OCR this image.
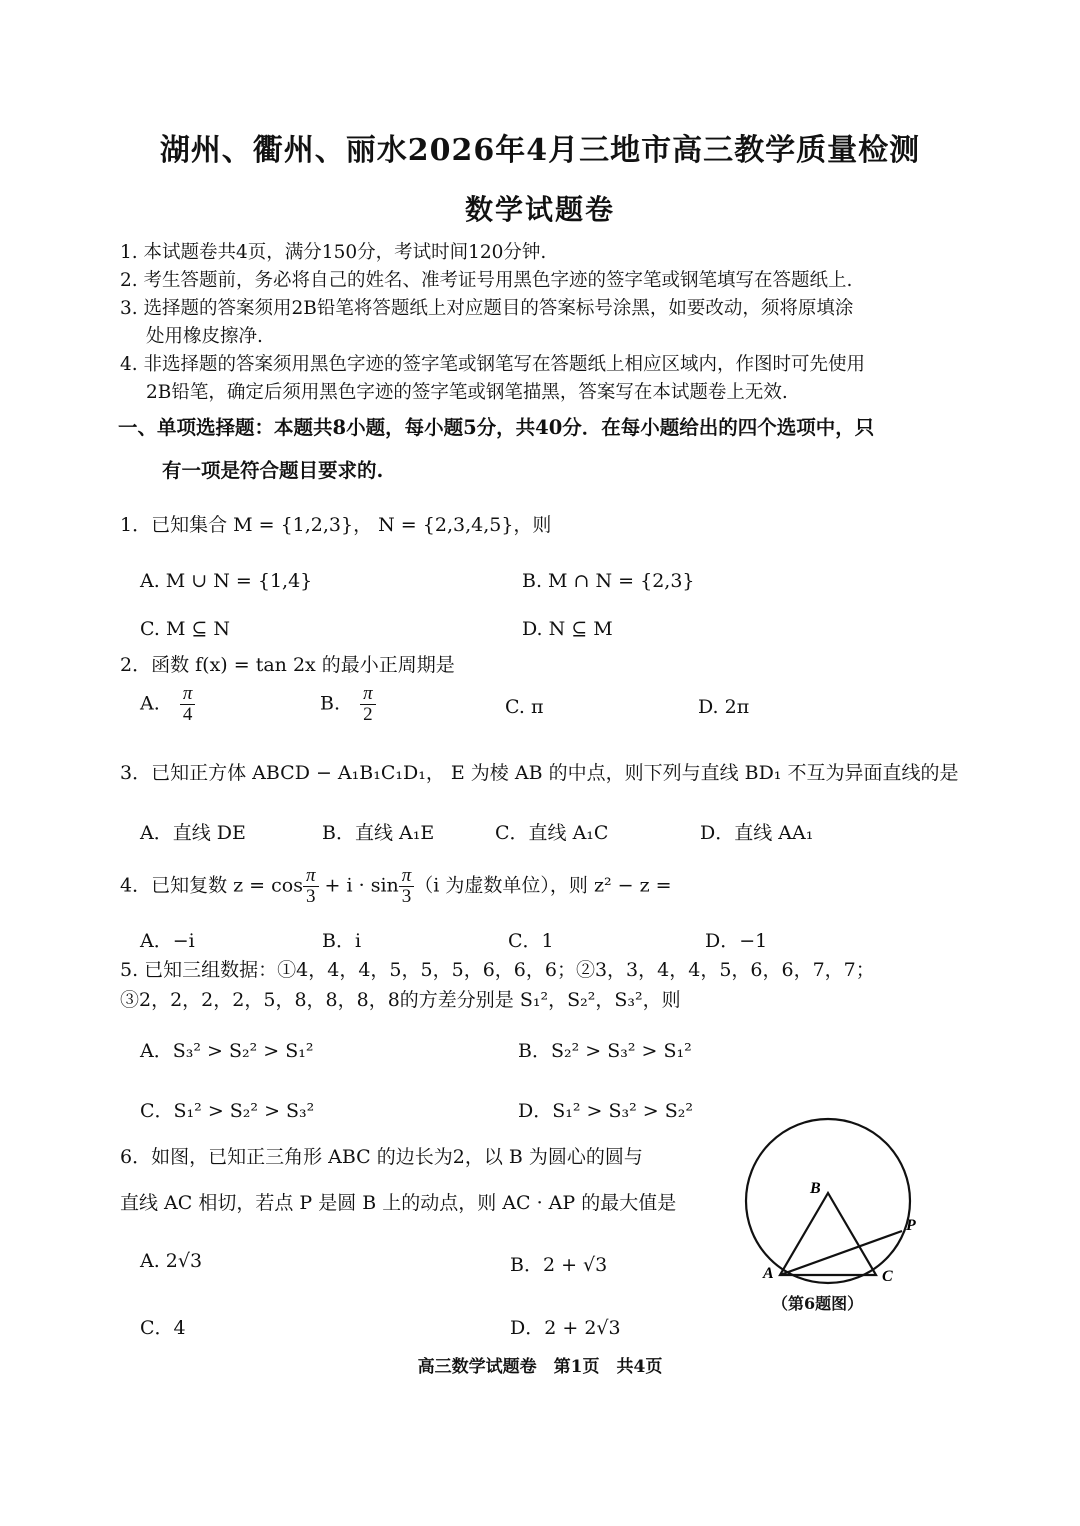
湖州、衢州、丽水2026年4月三地市高三教学质量检测
数学试题卷
1. 本试题卷共4页，满分150分，考试时间120分钟.
2. 考生答题前，务必将自己的姓名、准考证号用黑色字迹的签字笔或钢笔填写在答题纸上.
3. 选择题的答案须用2B铅笔将答题纸上对应题目的答案标号涂黑，如要改动，须将原填涂
处用橡皮擦净.
4. 非选择题的答案须用黑色字迹的签字笔或钢笔写在答题纸上相应区域内，作图时可先使用
2B铅笔，确定后须用黑色字迹的签字笔或钢笔描黑，答案写在本试题卷上无效.
一、单项选择题：本题共8小题，每小题5分，共40分．在每小题给出的四个选项中，只
有一项是符合题目要求的.
1．已知集合 M = {1,2,3}， N = {2,3,4,5}，则
A. M ∪ N = {1,4}	B. M ∩ N = {2,3}
C. M ⊆ N	D. N ⊆ M
2．函数 f(x) = tan 2x 的最小正周期是
A. $\frac{\pi}{4}$	B. $\frac{\pi}{2}$	C. π	D. 2π
3．已知正方体 ABCD − A₁B₁C₁D₁， E 为棱 AB 的中点，则下列与直线 BD₁ 不互为异面直线的是
A．直线 DE	B．直线 A₁E	C．直线 A₁C	D．直线 AA₁
4．已知复数 $z = \cos \frac{\pi}{3} + i \cdot \sin \frac{\pi}{3} (i$ 为虚数单位），则 z² − z =
A．−i	B．i	C．1	D．−1
5. 已知三组数据：①4，4，4，5，5，5，6，6，6；②3，3，4，4，5，6，6，7，7；
③2，2，2，2，5，8，8，8，8的方差分别是 S₁²，S₂²，S₃²，则
A．S₃² > S₂² > S₁²	B．S₂² > S₃² > S₁²
C．S₁² > S₂² > S₃²	D．S₁² > S₃² > S₂²
6．如图，已知正三角形 ABC 的边长为2，以 B 为圆心的圆与
直线 AC 相切，若点 P 是圆 B 上的动点，则 AC · AP 的最大值是
A. 2√3	B．2 + √3
C．4	D．2 + 2√3
B
P
A	C
（第6题图）
高三数学试题卷　第1页　共4页
